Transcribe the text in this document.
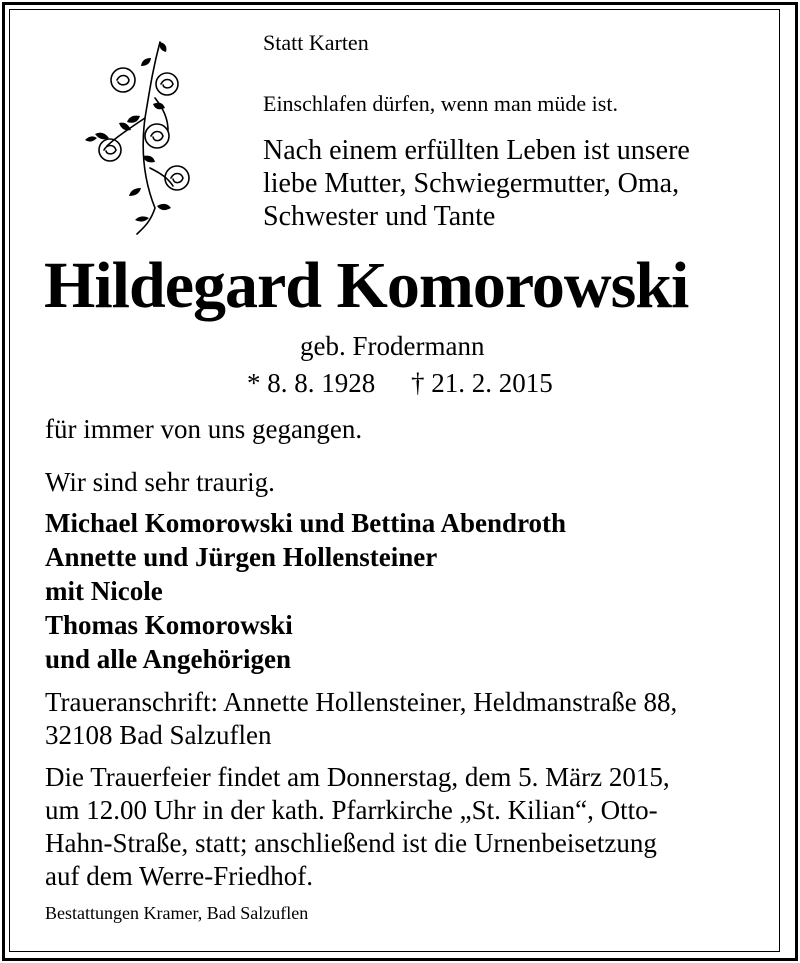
Statt Karten
Einschlafen dürfen, wenn man müde ist.
Nach einem erfüllten Leben ist unsere
liebe Mutter, Schwiegermutter, Oma,
Schwester und Tante
Hildegard Komorowski
geb. Frodermann
* 8. 8. 1928 † 21. 2. 2015
für immer von uns gegangen.
Wir sind sehr traurig.
Michael Komorowski und Bettina Abendroth
Annette und Jürgen Hollensteiner
mit Nicole
Thomas Komorowski
und alle Angehörigen
Traueranschrift: Annette Hollensteiner, Heldmanstraße 88,
32108 Bad Salzuflen
Die Trauerfeier findet am Donnerstag, dem 5. März 2015,
um 12.00 Uhr in der kath. Pfarrkirche „St. Kilian“, Otto-
Hahn-Straße, statt; anschließend ist die Urnenbeisetzung
auf dem Werre-Friedhof.
Bestattungen Kramer, Bad Salzuflen
